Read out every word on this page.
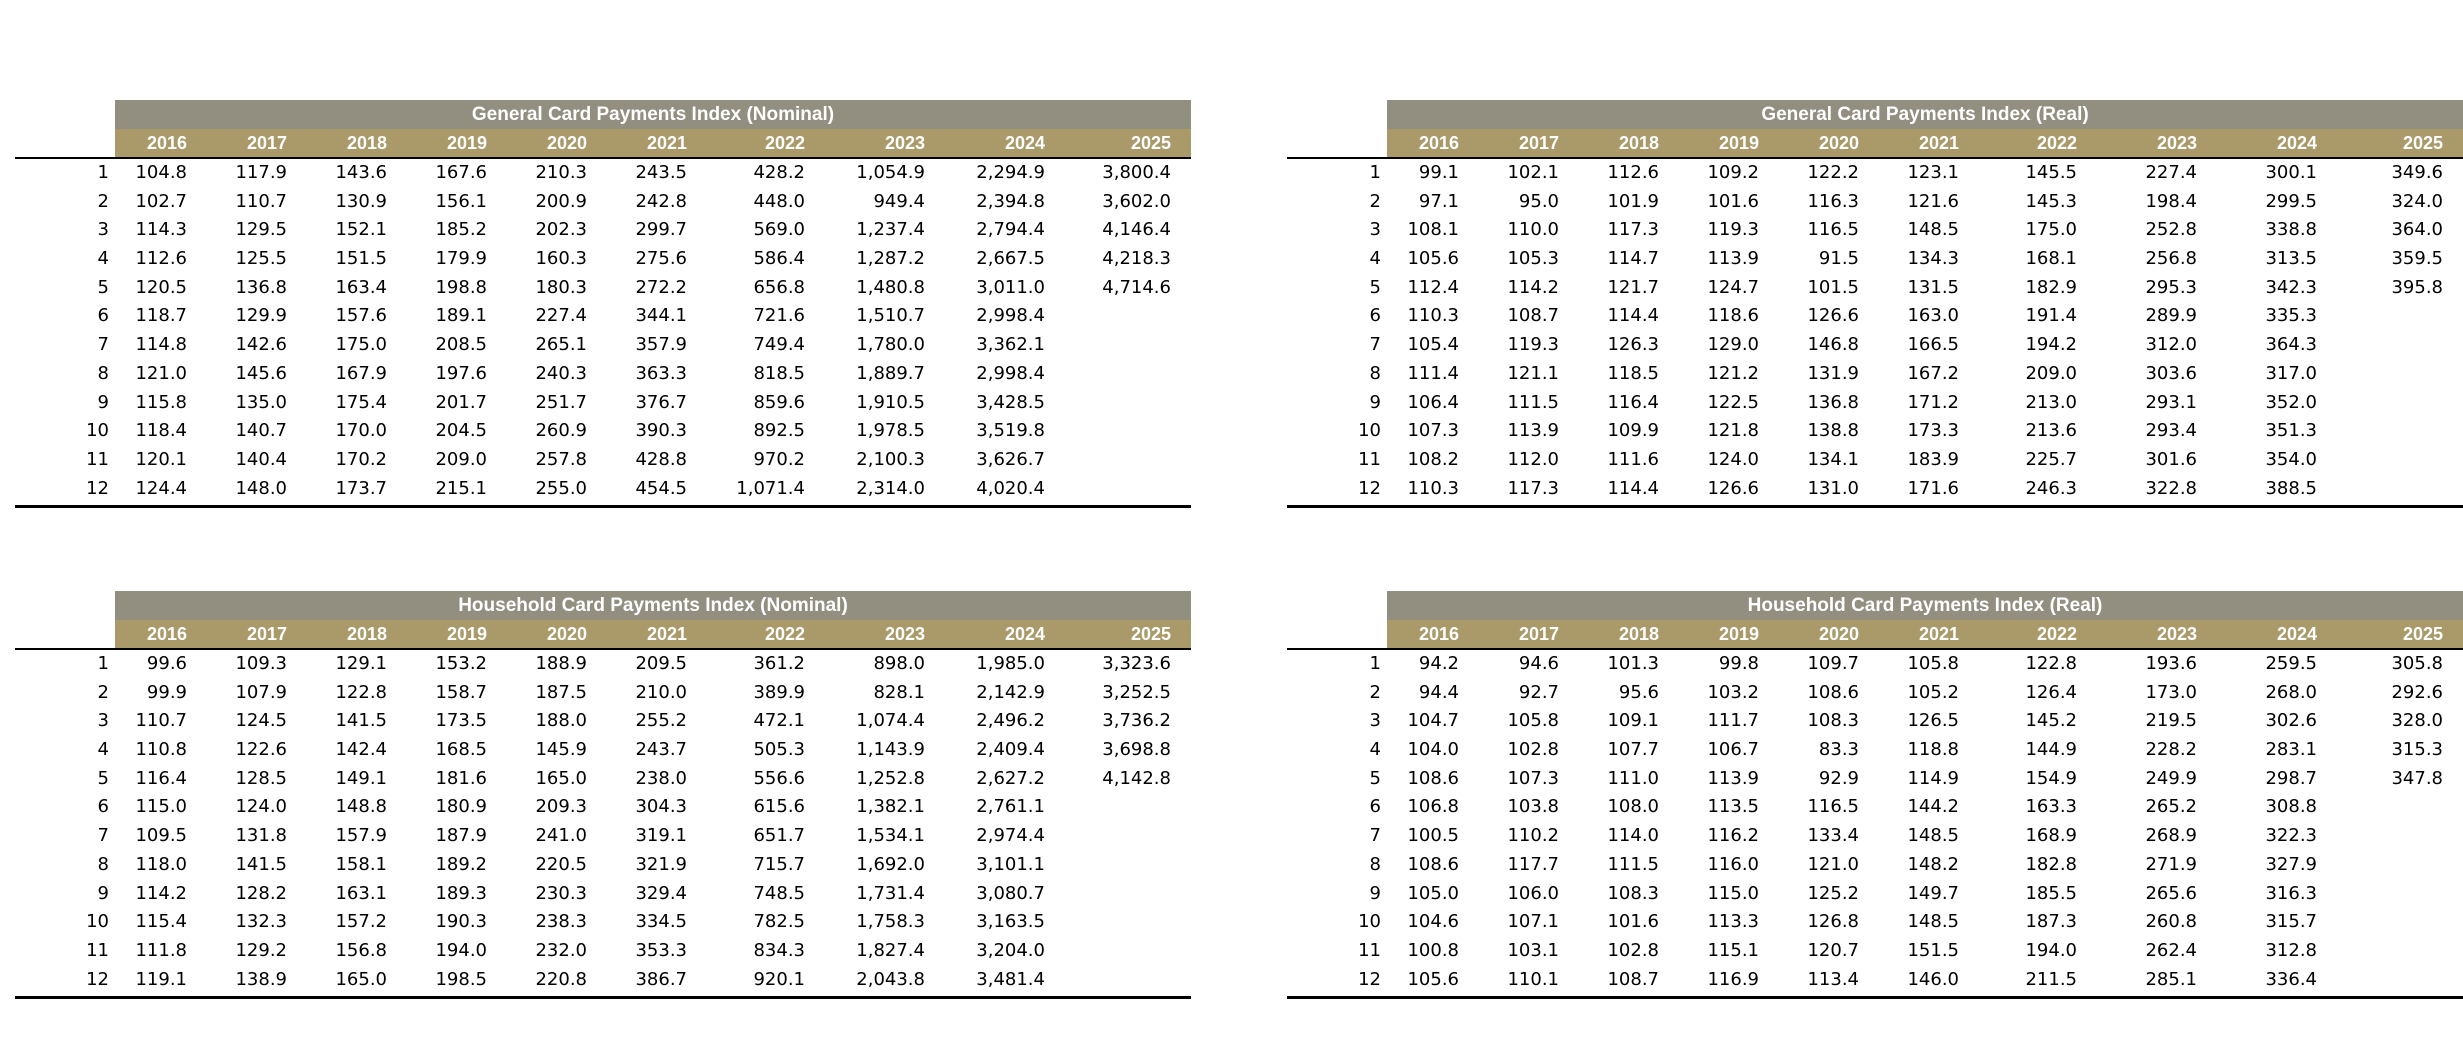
General Card Payments Index (Nominal)
2016	2017	2018	2019	2020	2021	2022	2023	2024	2025
1	104.8	117.9	143.6	167.6	210.3	243.5	428.2	1,054.9	2,294.9	3,800.4
2	102.7	110.7	130.9	156.1	200.9	242.8	448.0	949.4	2,394.8	3,602.0
3	114.3	129.5	152.1	185.2	202.3	299.7	569.0	1,237.4	2,794.4	4,146.4
4	112.6	125.5	151.5	179.9	160.3	275.6	586.4	1,287.2	2,667.5	4,218.3
5	120.5	136.8	163.4	198.8	180.3	272.2	656.8	1,480.8	3,011.0	4,714.6
6	118.7	129.9	157.6	189.1	227.4	344.1	721.6	1,510.7	2,998.4
7	114.8	142.6	175.0	208.5	265.1	357.9	749.4	1,780.0	3,362.1
8	121.0	145.6	167.9	197.6	240.3	363.3	818.5	1,889.7	2,998.4
9	115.8	135.0	175.4	201.7	251.7	376.7	859.6	1,910.5	3,428.5
10	118.4	140.7	170.0	204.5	260.9	390.3	892.5	1,978.5	3,519.8
11	120.1	140.4	170.2	209.0	257.8	428.8	970.2	2,100.3	3,626.7
12	124.4	148.0	173.7	215.1	255.0	454.5	1,071.4	2,314.0	4,020.4
General Card Payments Index (Real)
2016	2017	2018	2019	2020	2021	2022	2023	2024	2025
1	99.1	102.1	112.6	109.2	122.2	123.1	145.5	227.4	300.1	349.6
2	97.1	95.0	101.9	101.6	116.3	121.6	145.3	198.4	299.5	324.0
3	108.1	110.0	117.3	119.3	116.5	148.5	175.0	252.8	338.8	364.0
4	105.6	105.3	114.7	113.9	91.5	134.3	168.1	256.8	313.5	359.5
5	112.4	114.2	121.7	124.7	101.5	131.5	182.9	295.3	342.3	395.8
6	110.3	108.7	114.4	118.6	126.6	163.0	191.4	289.9	335.3
7	105.4	119.3	126.3	129.0	146.8	166.5	194.2	312.0	364.3
8	111.4	121.1	118.5	121.2	131.9	167.2	209.0	303.6	317.0
9	106.4	111.5	116.4	122.5	136.8	171.2	213.0	293.1	352.0
10	107.3	113.9	109.9	121.8	138.8	173.3	213.6	293.4	351.3
11	108.2	112.0	111.6	124.0	134.1	183.9	225.7	301.6	354.0
12	110.3	117.3	114.4	126.6	131.0	171.6	246.3	322.8	388.5
Household Card Payments Index (Nominal)
2016	2017	2018	2019	2020	2021	2022	2023	2024	2025
1	99.6	109.3	129.1	153.2	188.9	209.5	361.2	898.0	1,985.0	3,323.6
2	99.9	107.9	122.8	158.7	187.5	210.0	389.9	828.1	2,142.9	3,252.5
3	110.7	124.5	141.5	173.5	188.0	255.2	472.1	1,074.4	2,496.2	3,736.2
4	110.8	122.6	142.4	168.5	145.9	243.7	505.3	1,143.9	2,409.4	3,698.8
5	116.4	128.5	149.1	181.6	165.0	238.0	556.6	1,252.8	2,627.2	4,142.8
6	115.0	124.0	148.8	180.9	209.3	304.3	615.6	1,382.1	2,761.1
7	109.5	131.8	157.9	187.9	241.0	319.1	651.7	1,534.1	2,974.4
8	118.0	141.5	158.1	189.2	220.5	321.9	715.7	1,692.0	3,101.1
9	114.2	128.2	163.1	189.3	230.3	329.4	748.5	1,731.4	3,080.7
10	115.4	132.3	157.2	190.3	238.3	334.5	782.5	1,758.3	3,163.5
11	111.8	129.2	156.8	194.0	232.0	353.3	834.3	1,827.4	3,204.0
12	119.1	138.9	165.0	198.5	220.8	386.7	920.1	2,043.8	3,481.4
Household Card Payments Index (Real)
2016	2017	2018	2019	2020	2021	2022	2023	2024	2025
1	94.2	94.6	101.3	99.8	109.7	105.8	122.8	193.6	259.5	305.8
2	94.4	92.7	95.6	103.2	108.6	105.2	126.4	173.0	268.0	292.6
3	104.7	105.8	109.1	111.7	108.3	126.5	145.2	219.5	302.6	328.0
4	104.0	102.8	107.7	106.7	83.3	118.8	144.9	228.2	283.1	315.3
5	108.6	107.3	111.0	113.9	92.9	114.9	154.9	249.9	298.7	347.8
6	106.8	103.8	108.0	113.5	116.5	144.2	163.3	265.2	308.8
7	100.5	110.2	114.0	116.2	133.4	148.5	168.9	268.9	322.3
8	108.6	117.7	111.5	116.0	121.0	148.2	182.8	271.9	327.9
9	105.0	106.0	108.3	115.0	125.2	149.7	185.5	265.6	316.3
10	104.6	107.1	101.6	113.3	126.8	148.5	187.3	260.8	315.7
11	100.8	103.1	102.8	115.1	120.7	151.5	194.0	262.4	312.8
12	105.6	110.1	108.7	116.9	113.4	146.0	211.5	285.1	336.4
